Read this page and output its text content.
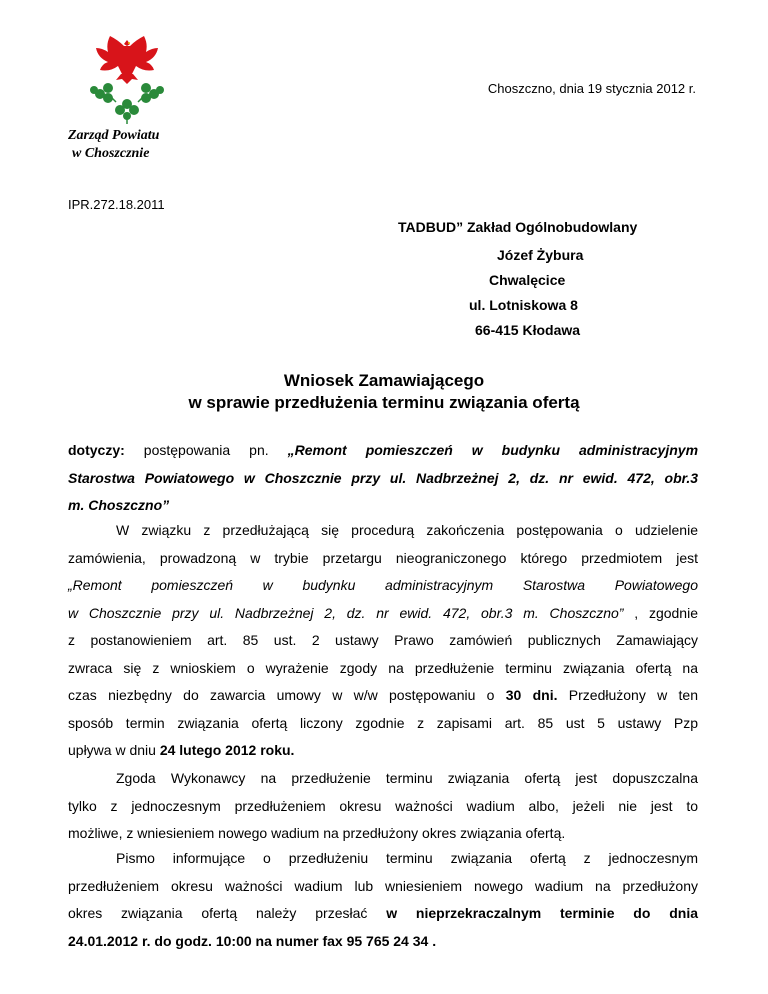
Zarząd Powiatu
w Choszcznie
Choszczno, dnia 19 stycznia 2012 r.
IPR.272.18.2011
TADBUD” Zakład Ogólnobudowlany
Józef Żybura
Chwalęcice
ul. Lotniskowa 8
66-415 Kłodawa
Wniosek Zamawiającego
w sprawie przedłużenia terminu związania ofertą
dotyczy: postępowania pn. „Remont pomieszczeń w budynku administracyjnym
Starostwa Powiatowego w Choszcznie przy ul. Nadbrzeżnej 2, dz. nr ewid. 472, obr.3
m. Choszczno”
W związku z przedłużającą się procedurą zakończenia postępowania o udzielenie
zamówienia, prowadzoną w trybie przetargu nieograniczonego którego przedmiotem jest
„Remont pomieszczeń w budynku administracyjnym Starostwa Powiatowego
w Choszcznie przy ul. Nadbrzeżnej 2, dz. nr ewid. 472, obr.3 m. Choszczno” , zgodnie
z postanowieniem art. 85 ust. 2 ustawy Prawo zamówień publicznych Zamawiający
zwraca się z wnioskiem o wyrażenie zgody na przedłużenie terminu związania ofertą na
czas niezbędny do zawarcia umowy w w/w postępowaniu o 30 dni. Przedłużony w ten
sposób termin związania ofertą liczony zgodnie z zapisami art. 85 ust 5 ustawy Pzp
upływa w dniu 24 lutego 2012 roku.
Zgoda Wykonawcy na przedłużenie terminu związania ofertą jest dopuszczalna
tylko z jednoczesnym przedłużeniem okresu ważności wadium albo, jeżeli nie jest to
możliwe, z wniesieniem nowego wadium na przedłużony okres związania ofertą.
Pismo informujące o przedłużeniu terminu związania ofertą z jednoczesnym
przedłużeniem okresu ważności wadium lub wniesieniem nowego wadium na przedłużony
okres związania ofertą należy przesłać w nieprzekraczalnym terminie do dnia
24.01.2012 r. do godz. 10:00 na numer fax 95 765 24 34 .
